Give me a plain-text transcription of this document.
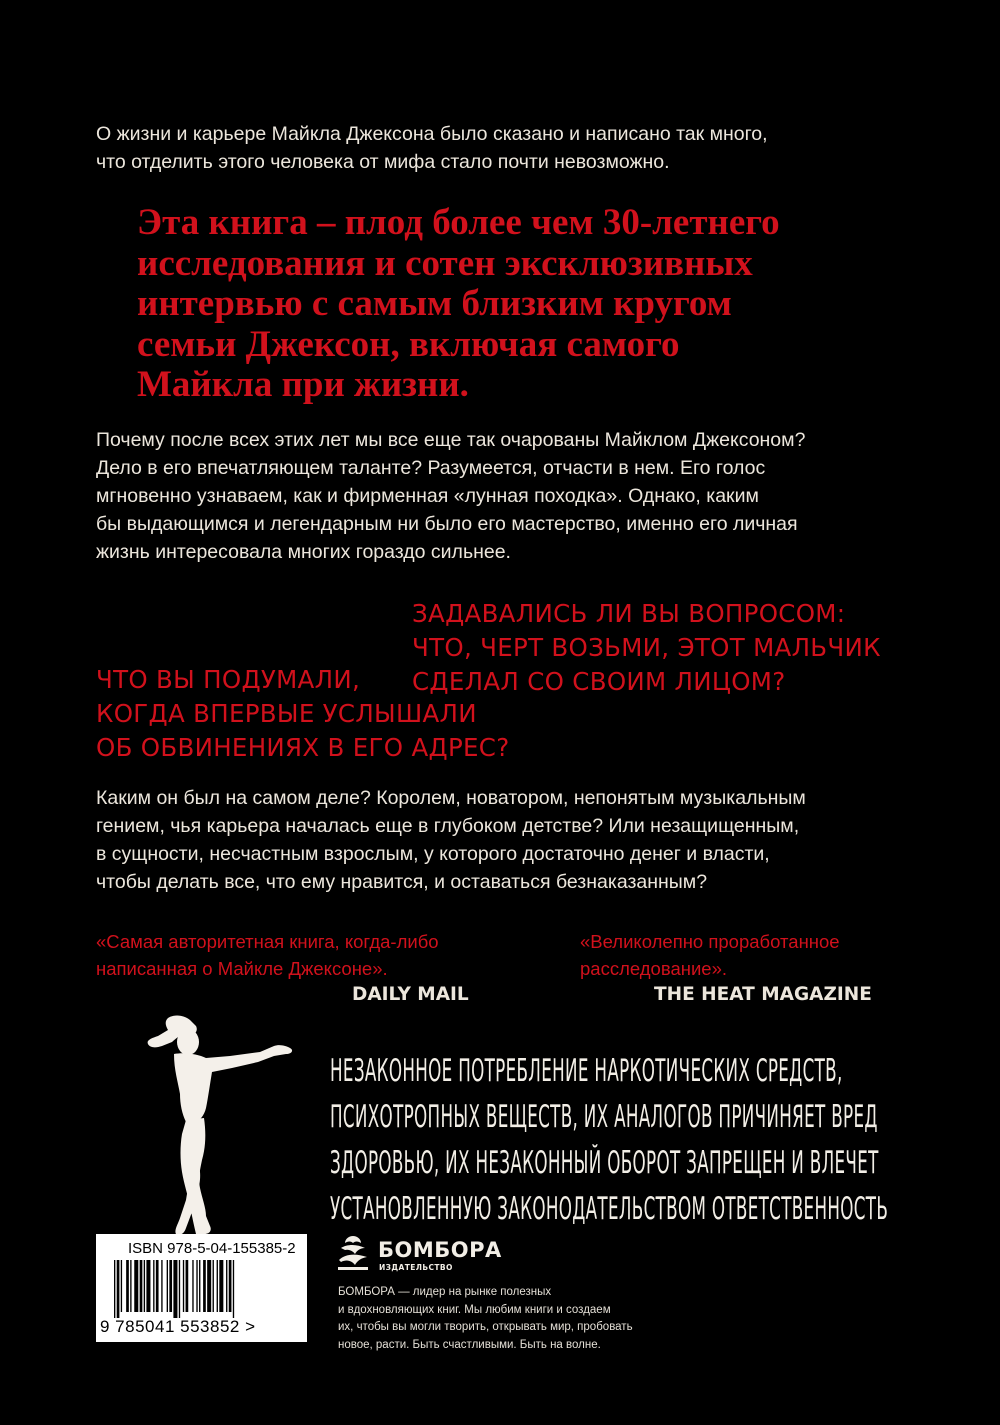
О жизни и карьере Майкла Джексона было сказано и написано так много,

что отделить этого человека от мифа стало почти невозможно.

Эта книга – плод более чем 30-летнего

исследования и сотен эксклюзивных

интервью с самым близким кругом

семьи Джексон, включая самого

Майкла при жизни.

Почему после всех этих лет мы все еще так очарованы Майклом Джексоном?

Дело в его впечатляющем таланте? Разумеется, отчасти в нем. Его голос

мгновенно узнаваем, как и фирменная «лунная походка». Однако, каким

бы выдающимся и легендарным ни было его мастерство, именно его личная

жизнь интересовала многих гораздо сильнее.

ЗАДАВАЛИСЬ ЛИ ВЫ ВОПРОСОМ:

ЧТО, ЧЕРТ ВОЗЬМИ, ЭТОТ МАЛЬЧИК

СДЕЛАЛ СО СВОИМ ЛИЦОМ?

ЧТО ВЫ ПОДУМАЛИ,

КОГДА ВПЕРВЫЕ УСЛЫШАЛИ

ОБ ОБВИНЕНИЯХ В ЕГО АДРЕС?

Каким он был на самом деле? Королем, новатором, непонятым музыкальным

гением, чья карьера началась еще в глубоком детстве? Или незащищенным,

в сущности, несчастным взрослым, у которого достаточно денег и власти,

чтобы делать все, что ему нравится, и оставаться безнаказанным?

«Самая авторитетная книга, когда-либо

написанная о Майкле Джексоне».

DAILY MAIL

«Великолепно проработанное

расследование».

THE HEAT MAGAZINE

НЕЗАКОННОЕ ПОТРЕБЛЕНИЕ НАРКОТИЧЕСКИХ СРЕДСТВ,

ПСИХОТРОПНЫХ ВЕЩЕСТВ, ИХ АНАЛОГОВ ПРИЧИНЯЕТ ВРЕД

ЗДОРОВЬЮ, ИХ НЕЗАКОННЫЙ ОБОРОТ ЗАПРЕЩЕН И ВЛЕЧЕТ

УСТАНОВЛЕННУЮ ЗАКОНОДАТЕЛЬСТВОМ ОТВЕТСТВЕННОСТЬ

ISBN 978-5-04-155385-2
9 785041 553852 >
БОМБОРА
ИЗДАТЕЛЬСТВО

БОМБОРА — лидер на рынке полезных

и вдохновляющих книг. Мы любим книги и создаем

их, чтобы вы могли творить, открывать мир, пробовать

новое, расти. Быть счастливыми. Быть на волне.
